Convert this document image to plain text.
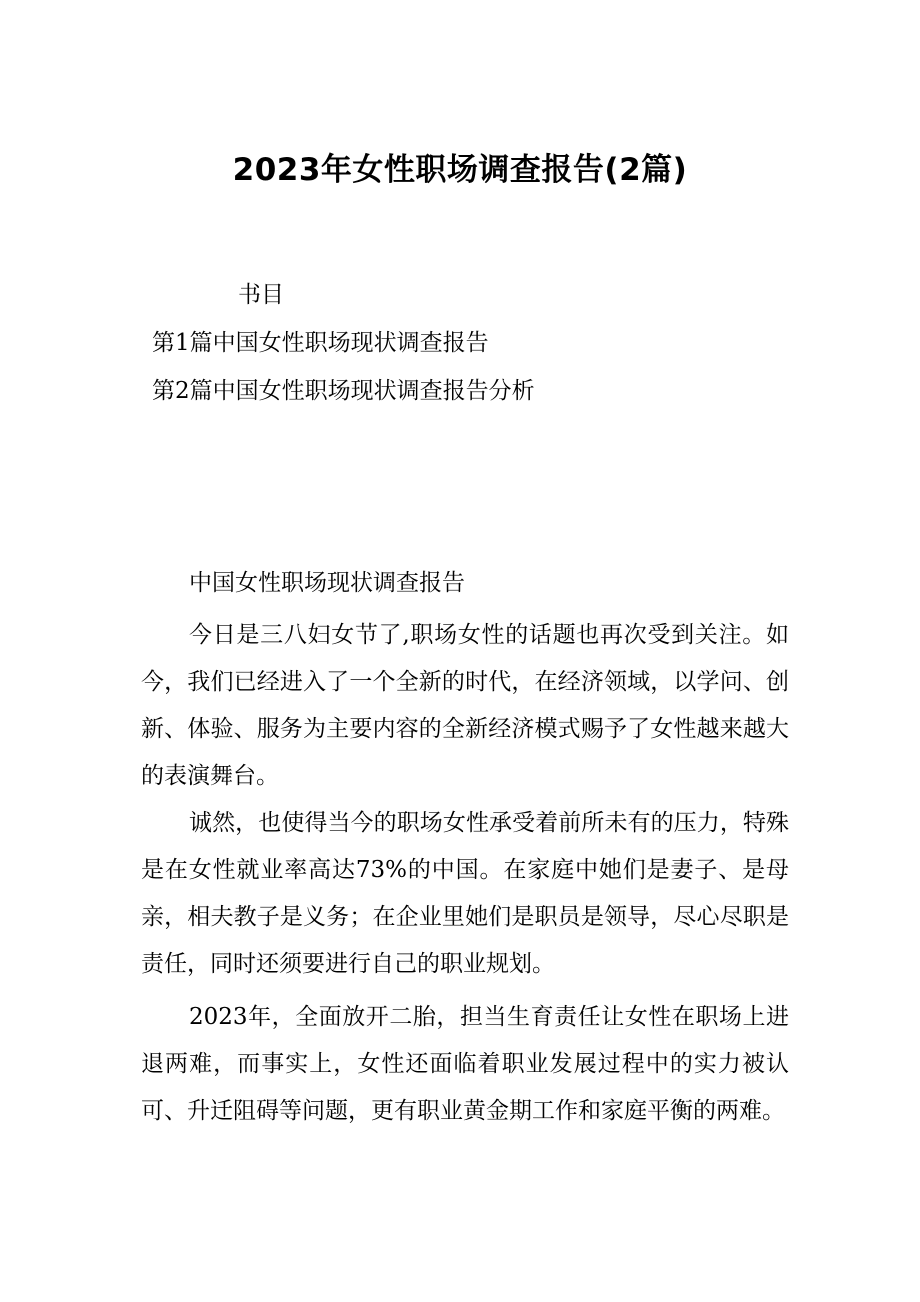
2023年女性职场调查报告(2篇)
书目
第1篇中国女性职场现状调查报告
第2篇中国女性职场现状调查报告分析
中国女性职场现状调查报告

今日是三八妇女节了,职场女性的话题也再次受到关注。如今，我们已经进入了一个全新的时代，在经济领域，以学问、创新、体验、服务为主要内容的全新经济模式赐予了女性越来越大的表演舞台。

诚然，也使得当今的职场女性承受着前所未有的压力，特殊是在女性就业率高达73%的中国。在家庭中她们是妻子、是母亲，相夫教子是义务；在企业里她们是职员是领导，尽心尽职是责任，同时还须要进行自己的职业规划。

2023年，全面放开二胎，担当生育责任让女性在职场上进退两难，而事实上，女性还面临着职业发展过程中的实力被认可、升迁阻碍等问题，更有职业黄金期工作和家庭平衡的两难。
